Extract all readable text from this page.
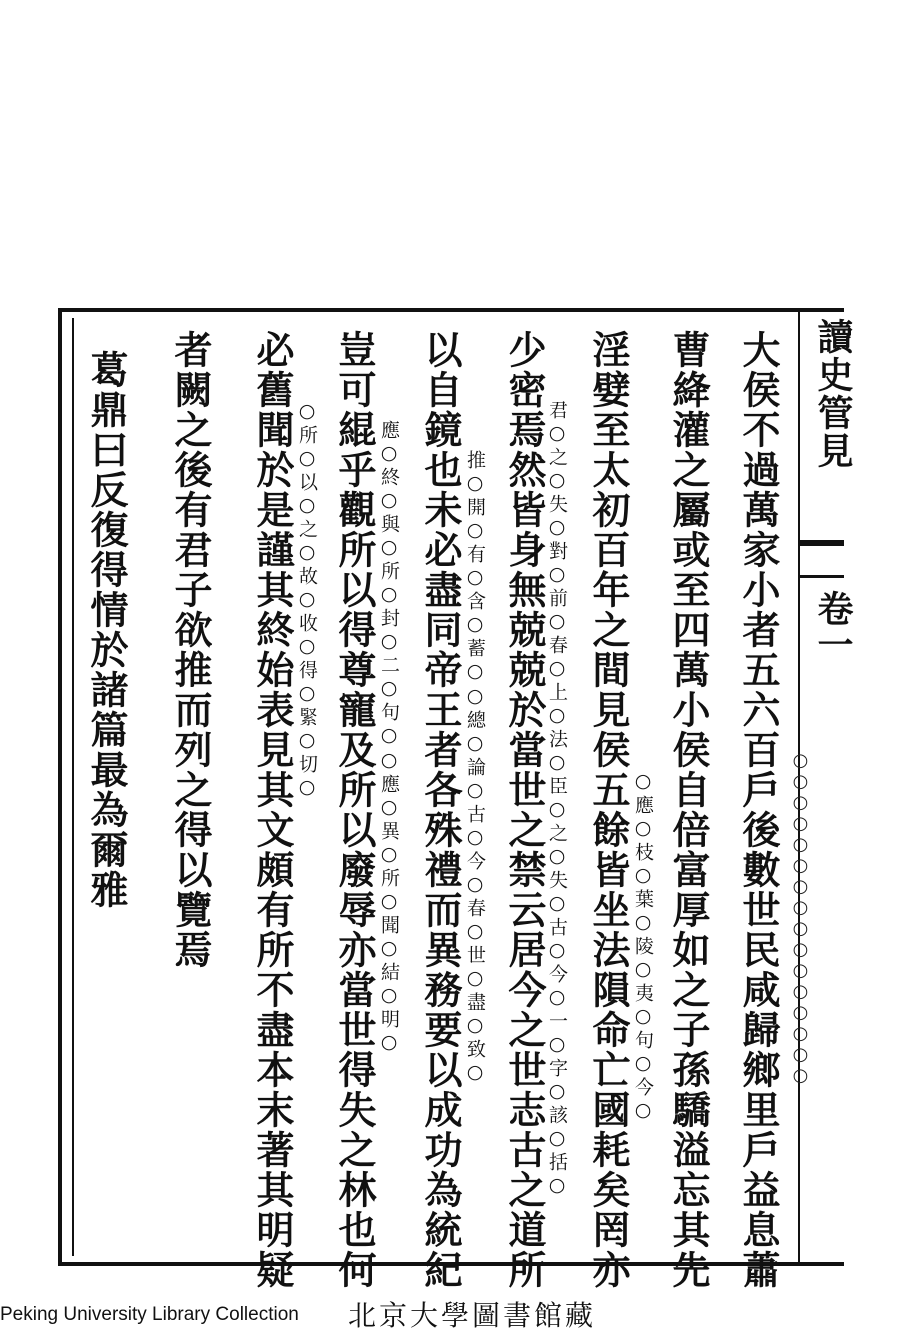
讀史管見
卷一
○○○○○○○○○○○○○○○○
大侯不過萬家小者五六百戶後數世民咸歸鄉里戶益息蕭
曹絳灌之屬或至四萬小侯自倍富厚如之子孫驕溢忘其先
○應○枝○葉○陵○夷○句○今○
淫嬖至太初百年之間見侯五餘皆坐法隕命亡國耗矣罔亦
君○之○失○對○前○春○上○法○臣○之○失○古○今○一○字○該○括○
少密焉然皆身無兢兢於當世之禁云居今之世志古之道所
推○開○有○含○蓄○○總○論○古○今○春○世○盡○致○
以自鏡也未必盡同帝王者各殊禮而異務要以成功為統紀
應○終○與○所○封○二○句○○應○異○所○聞○結○明○
豈可緄乎觀所以得尊寵及所以廢辱亦當世得失之林也何
○所○以○之○故○收○得○緊○切○
必舊聞於是謹其終始表見其文頗有所不盡本末著其明疑
者闕之後有君子欲推而列之得以覽焉
葛鼎曰反復得情於諸篇最為爾雅
Peking University Library Collection 北京大學圖書館藏
